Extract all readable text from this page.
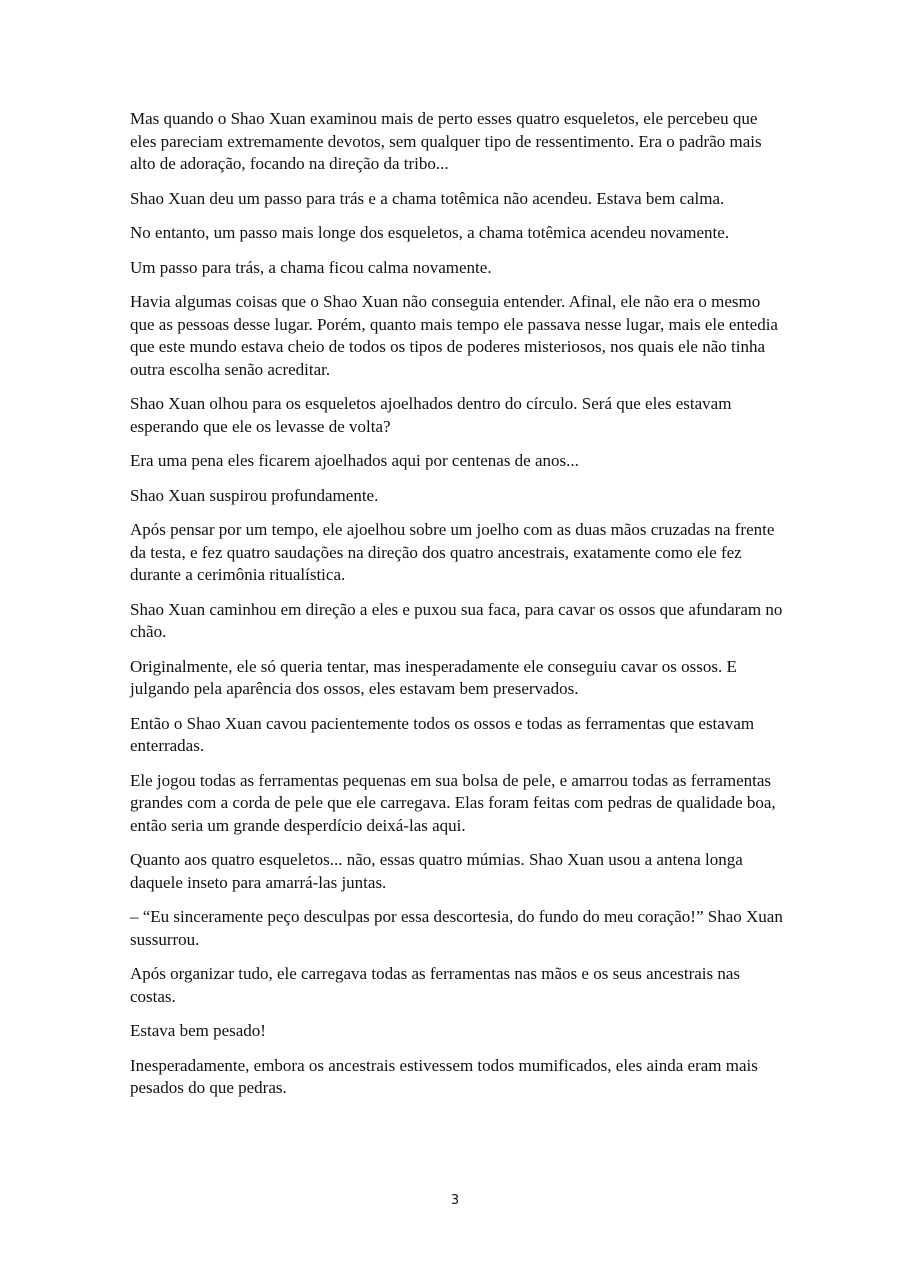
Mas quando o Shao Xuan examinou mais de perto esses quatro esqueletos, ele percebeu que eles pareciam extremamente devotos, sem qualquer tipo de ressentimento. Era o padrão mais alto de adoração, focando na direção da tribo...

Shao Xuan deu um passo para trás e a chama totêmica não acendeu. Estava bem calma.

No entanto, um passo mais longe dos esqueletos, a chama totêmica acendeu novamente.

Um passo para trás, a chama ficou calma novamente.

Havia algumas coisas que o Shao Xuan não conseguia entender. Afinal, ele não era o mesmo que as pessoas desse lugar. Porém, quanto mais tempo ele passava nesse lugar, mais ele entedia que este mundo estava cheio de todos os tipos de poderes misteriosos, nos quais ele não tinha outra escolha senão acreditar.

Shao Xuan olhou para os esqueletos ajoelhados dentro do círculo. Será que eles estavam esperando que ele os levasse de volta?

Era uma pena eles ficarem ajoelhados aqui por centenas de anos...

Shao Xuan suspirou profundamente.

Após pensar por um tempo, ele ajoelhou sobre um joelho com as duas mãos cruzadas na frente da testa, e fez quatro saudações na direção dos quatro ancestrais, exatamente como ele fez durante a cerimônia ritualística.

Shao Xuan caminhou em direção a eles e puxou sua faca, para cavar os ossos que afundaram no chão.

Originalmente, ele só queria tentar, mas inesperadamente ele conseguiu cavar os ossos. E julgando pela aparência dos ossos, eles estavam bem preservados.

Então o Shao Xuan cavou pacientemente todos os ossos e todas as ferramentas que estavam enterradas.

Ele jogou todas as ferramentas pequenas em sua bolsa de pele, e amarrou todas as ferramentas grandes com a corda de pele que ele carregava. Elas foram feitas com pedras de qualidade boa, então seria um grande desperdício deixá-las aqui.

Quanto aos quatro esqueletos... não, essas quatro múmias. Shao Xuan usou a antena longa daquele inseto para amarrá-las juntas.

– “Eu sinceramente peço desculpas por essa descortesia, do fundo do meu coração!” Shao Xuan sussurrou.

Após organizar tudo, ele carregava todas as ferramentas nas mãos e os seus ancestrais nas costas.

Estava bem pesado!

Inesperadamente, embora os ancestrais estivessem todos mumificados, eles ainda eram mais pesados do que pedras.

3
